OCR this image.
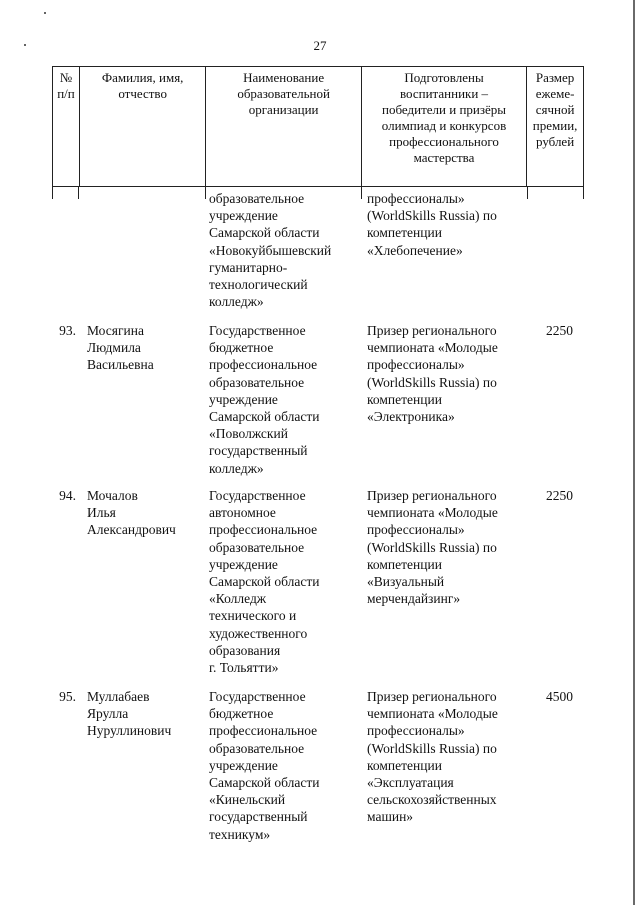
27
№
п/п
Фамилия, имя,
отчество
Наименование
образовательной
организации
Подготовлены
воспитанники –
победители и призёры
олимпиад и конкурсов
профессионального
мастерства
Размер
ежеме-
сячной
премии,
рублей
образовательное
учреждение
Самарской области
«Новокуйбышевский
гуманитарно-
технологический
колледж»
профессионалы»
(WorldSkills Russia) по
компетенции
«Хлебопечение»
93. Мосягина
Людмила
Васильевна
Государственное
бюджетное
профессиональное
образовательное
учреждение
Самарской области
«Поволжский
государственный
колледж»
Призер регионального
чемпионата «Молодые
профессионалы»
(WorldSkills Russia) по
компетенции
«Электроника»
2250
94. Мочалов
Илья
Александрович
Государственное
автономное
профессиональное
образовательное
учреждение
Самарской области
«Колледж
технического и
художественного
образования
г. Тольятти»
Призер регионального
чемпионата «Молодые
профессионалы»
(WorldSkills Russia) по
компетенции
«Визуальный
мерчендайзинг»
2250
95. Муллабаев
Ярулла
Нуруллинович
Государственное
бюджетное
профессиональное
образовательное
учреждение
Самарской области
«Кинельский
государственный
техникум»
Призер регионального
чемпионата «Молодые
профессионалы»
(WorldSkills Russia) по
компетенции
«Эксплуатация
сельскохозяйственных
машин»
4500
